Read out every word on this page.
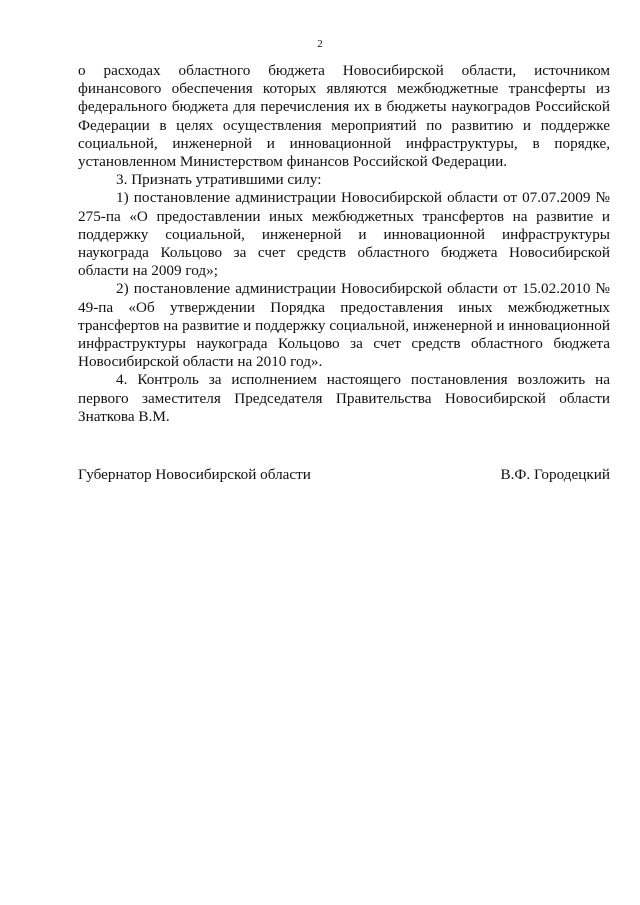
2

о расходах областного бюджета Новосибирской области, источником финансового обеспечения которых являются межбюджетные трансферты из федерального бюджета для перечисления их в бюджеты наукоградов Российской Федерации в целях осуществления мероприятий по развитию и поддержке социальной, инженерной и инновационной инфраструктуры, в порядке, установленном Министерством финансов Российской Федерации.

3. Признать утратившими силу:

1) постановление администрации Новосибирской области от 07.07.2009 № 275-па «О предоставлении иных межбюджетных трансфертов на развитие и поддержку социальной, инженерной и инновационной инфраструктуры наукограда Кольцово за счет средств областного бюджета Новосибирской области на 2009 год»;

2) постановление администрации Новосибирской области от 15.02.2010 № 49-па «Об утверждении Порядка предоставления иных межбюджетных трансфертов на развитие и поддержку социальной, инженерной и инновационной инфраструктуры наукограда Кольцово за счет средств областного бюджета Новосибирской области на 2010 год».

4. Контроль за исполнением настоящего постановления возложить на первого заместителя Председателя Правительства Новосибирской области Знаткова В.М.

Губернатор Новосибирской области	В.Ф. Городецкий
